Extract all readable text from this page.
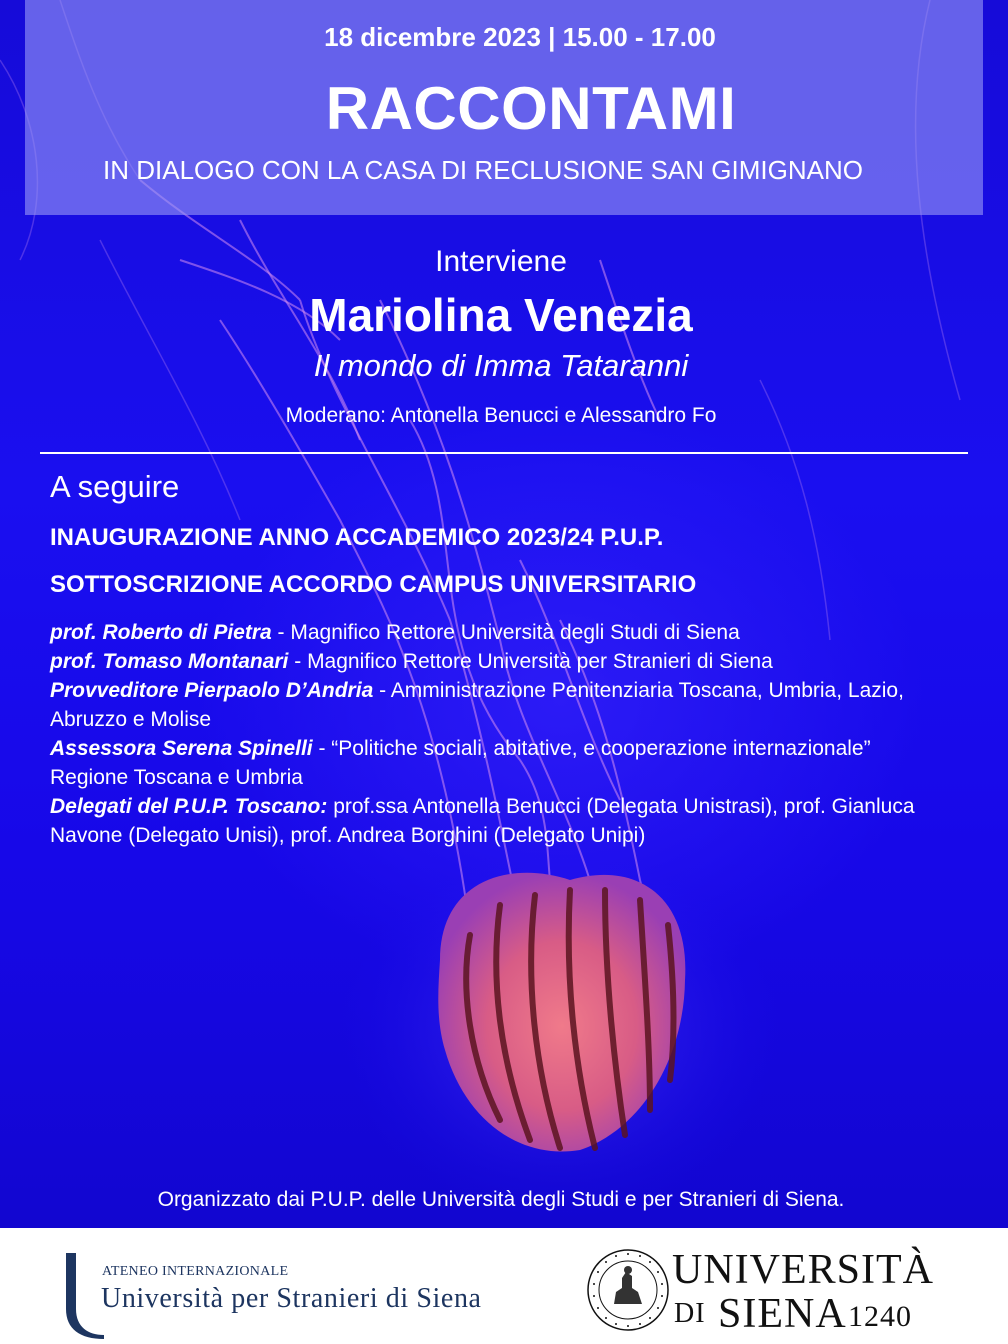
18 dicembre 2023 | 15.00 - 17.00
RACCONTAMI
IN DIALOGO CON LA CASA DI RECLUSIONE SAN GIMIGNANO
Interviene
Mariolina Venezia
Il mondo di Imma Tataranni
Moderano: Antonella Benucci e Alessandro Fo
A seguire
INAUGURAZIONE ANNO ACCADEMICO 2023/24 P.U.P.
SOTTOSCRIZIONE ACCORDO CAMPUS UNIVERSITARIO

prof. Roberto di Pietra - Magnifico Rettore Università degli Studi di Siena

prof. Tomaso Montanari - Magnifico Rettore Università per Stranieri di Siena

Provveditore Pierpaolo D’Andria - Amministrazione Penitenziaria Toscana, Umbria, Lazio, Abruzzo e Molise

Assessora Serena Spinelli - “Politiche sociali, abitative, e cooperazione internazionale” Regione Toscana e Umbria

Delegati del P.U.P. Toscano: prof.ssa Antonella Benucci (Delegata Unistrasi), prof. Gianluca Navone (Delegato Unisi), prof. Andrea Borghini (Delegato Unipi)

Organizzato dai P.U.P. delle Università degli Studi e per Stranieri di Siena.
ATENEO INTERNAZIONALE
Università per Stranieri di Siena
UNIVERSITÀ
DI SIENA 1240
